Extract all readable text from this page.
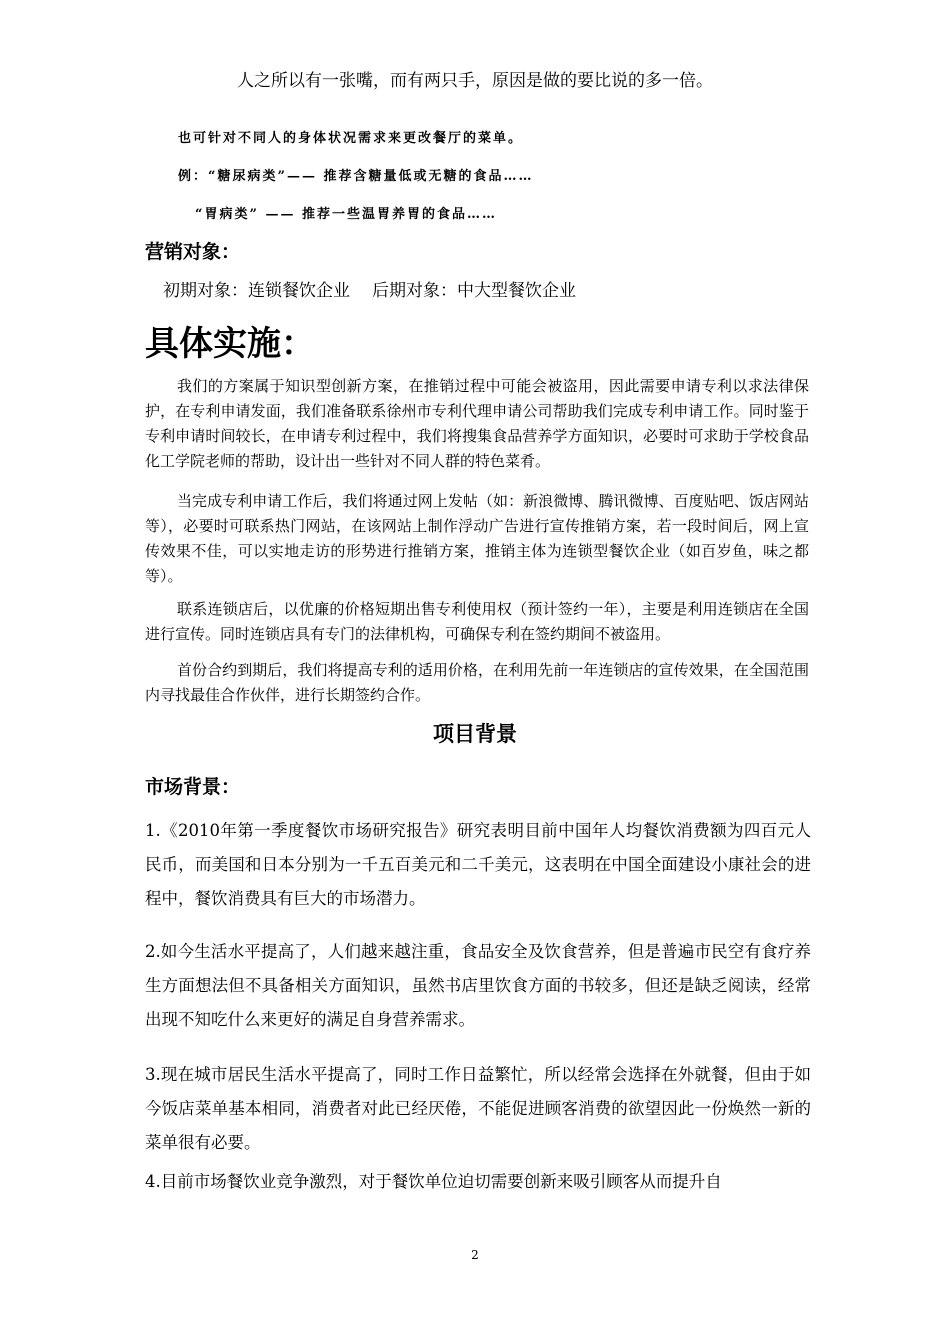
人之所以有一张嘴，而有两只手，原因是做的要比说的多一倍。
也可针对不同人的身体状况需求来更改餐厅的菜单。
例：“糖尿病类”—— 推荐含糖量低或无糖的食品……
“胃病类” —— 推荐一些温胃养胃的食品……
营销对象：
初期对象：连锁餐饮企业 后期对象：中大型餐饮企业
具体实施：

我们的方案属于知识型创新方案，在推销过程中可能会被盗用，因此需要申请专利以求法律保护，在专利申请发面，我们准备联系徐州市专利代理申请公司帮助我们完成专利申请工作。同时鉴于专利申请时间较长，在申请专利过程中，我们将搜集食品营养学方面知识，必要时可求助于学校食品化工学院老师的帮助，设计出一些针对不同人群的特色菜肴。

当完成专利申请工作后，我们将通过网上发帖（如：新浪微博、腾讯微博、百度贴吧、饭店网站等），必要时可联系热门网站，在该网站上制作浮动广告进行宣传推销方案，若一段时间后，网上宣传效果不佳，可以实地走访的形势进行推销方案，推销主体为连锁型餐饮企业（如百岁鱼，味之都等）。

联系连锁店后，以优廉的价格短期出售专利使用权（预计签约一年），主要是利用连锁店在全国进行宣传。同时连锁店具有专门的法律机构，可确保专利在签约期间不被盗用。

首份合约到期后，我们将提高专利的适用价格，在利用先前一年连锁店的宣传效果，在全国范围内寻找最佳合作伙伴，进行长期签约合作。

项目背景
市场背景：

1.《2010年第一季度餐饮市场研究报告》研究表明目前中国年人均餐饮消费额为四百元人民币，而美国和日本分别为一千五百美元和二千美元，这表明在中国全面建设小康社会的进程中，餐饮消费具有巨大的市场潜力。

2.如今生活水平提高了，人们越来越注重，食品安全及饮食营养，但是普遍市民空有食疗养生方面想法但不具备相关方面知识，虽然书店里饮食方面的书较多，但还是缺乏阅读，经常出现不知吃什么来更好的满足自身营养需求。

3.现在城市居民生活水平提高了，同时工作日益繁忙，所以经常会选择在外就餐，但由于如今饭店菜单基本相同，消费者对此已经厌倦，不能促进顾客消费的欲望因此一份焕然一新的菜单很有必要。

4.目前市场餐饮业竞争激烈，对于餐饮单位迫切需要创新来吸引顾客从而提升自

2
